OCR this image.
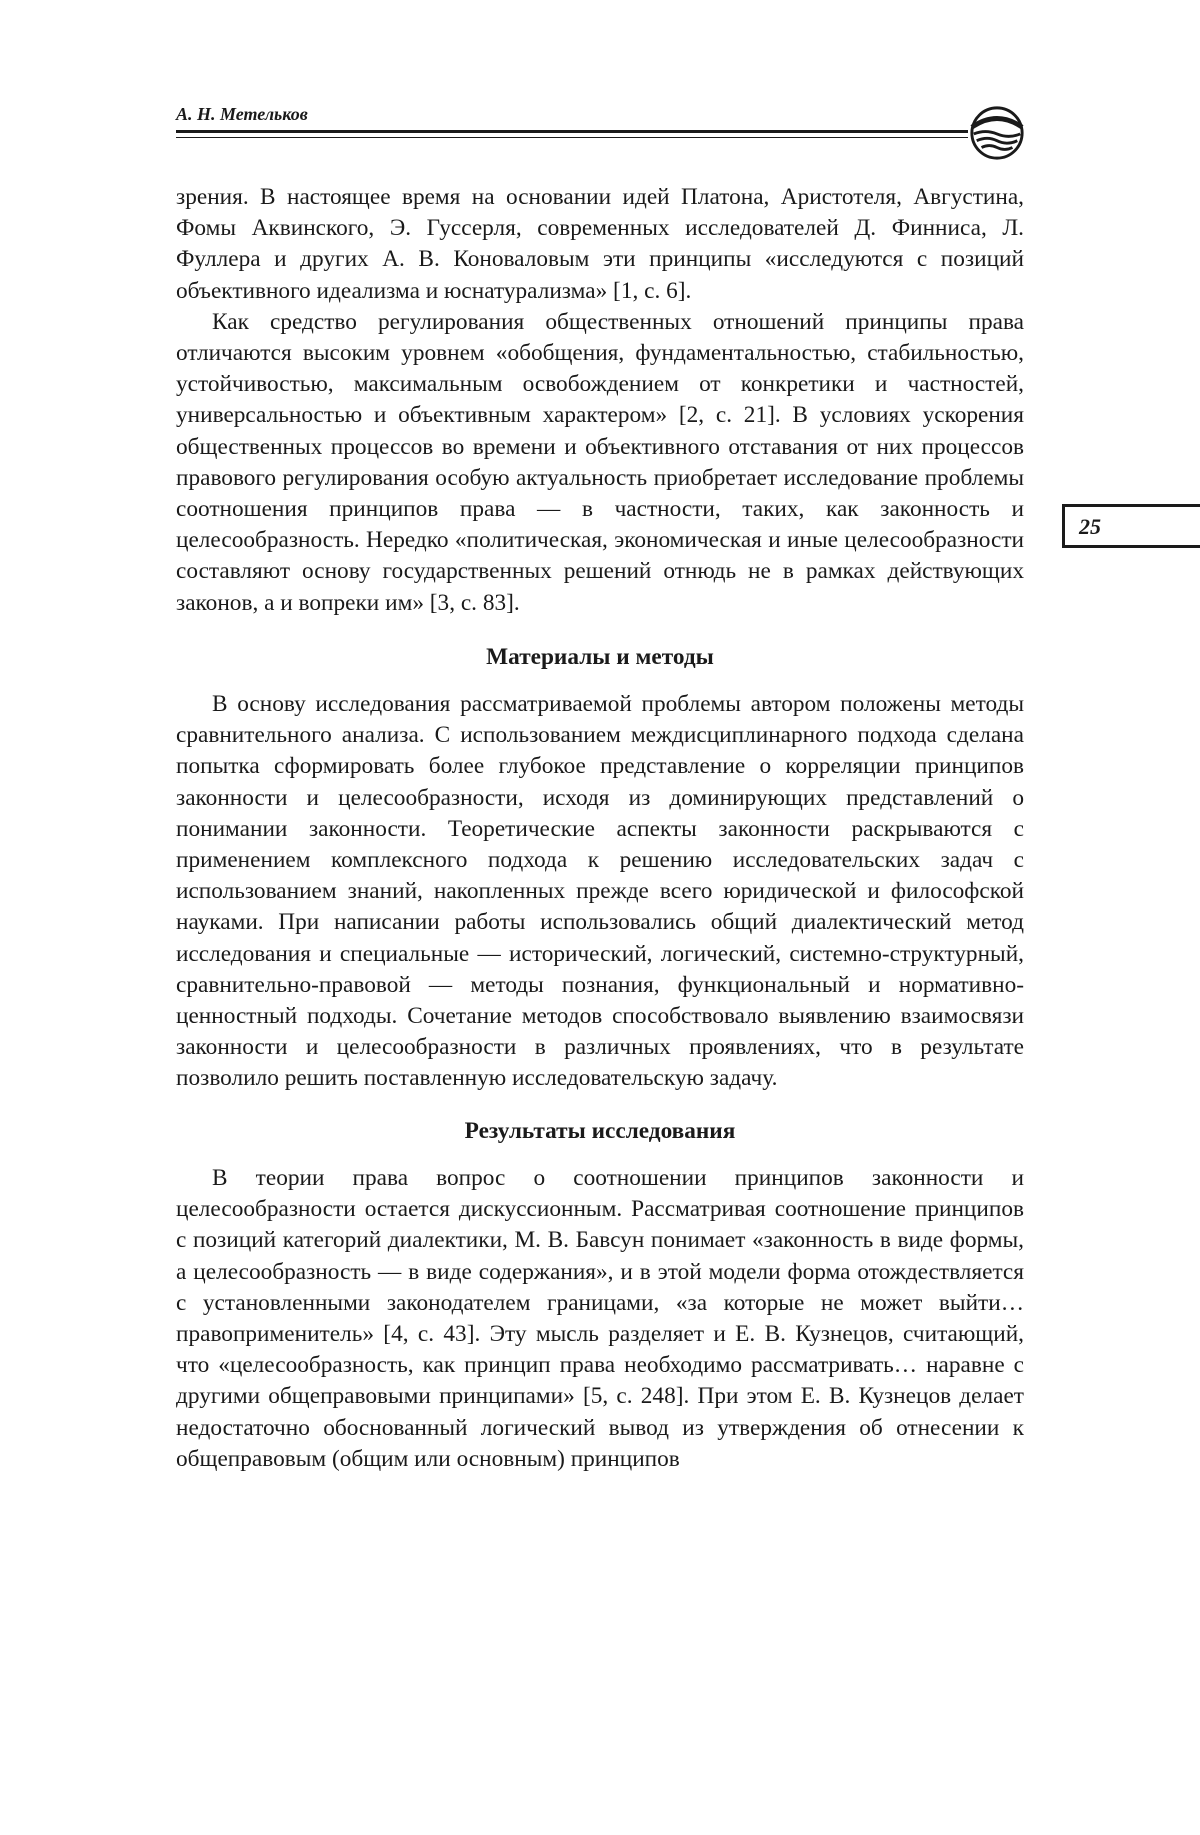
А. Н. Метельков
25

зрения. В настоящее время на основании идей Платона, Аристотеля, Августина, Фомы Аквинского, Э. Гуссерля, современных исследователей Д. Финниса, Л. Фуллера и других А. В. Коноваловым эти принципы «исследуются с позиций объективного идеализма и юснатурализма» [1, с. 6].

Как средство регулирования общественных отношений принципы права отличаются высоким уровнем «обобщения, фундаментальностью, стабильностью, устойчивостью, максимальным освобождением от конкретики и частностей, универсальностью и объективным характером» [2, с. 21]. В условиях ускорения общественных процессов во времени и объективного отставания от них процессов правового регулирования особую актуальность приобретает исследование проблемы соотношения принципов права — в частности, таких, как законность и целесообразность. Нередко «политическая, экономическая и иные целесообразности составляют основу государственных решений отнюдь не в рамках действующих законов, а и вопреки им» [3, с. 83].

Материалы и методы

В основу исследования рассматриваемой проблемы автором положены методы сравнительного анализа. С использованием междисциплинарного подхода сделана попытка сформировать более глубокое представление о корреляции принципов законности и целесообразности, исходя из доминирующих представлений о понимании законности. Теоретические аспекты законности раскрываются с применением комплексного подхода к решению исследовательских задач с использованием знаний, накопленных прежде всего юридической и философской науками. При написании работы использовались общий диалектический метод исследования и специальные — исторический, логический, системно-структурный, сравнительно-правовой — методы познания, функциональный и нормативно-ценностный подходы. Сочетание методов способствовало выявлению взаимосвязи законности и целесообразности в различных проявлениях, что в результате позволило решить поставленную исследовательскую задачу.

Результаты исследования

В теории права вопрос о соотношении принципов законности и целесообразности остается дискуссионным. Рассматривая соотношение принципов с позиций категорий диалектики, М. В. Бавсун понимает «законность в виде формы, а целесообразность — в виде содержания», и в этой модели форма отождествляется с установленными законодателем границами, «за которые не может выйти… правоприменитель» [4, с. 43]. Эту мысль разделяет и Е. В. Кузнецов, считающий, что «целесообразность, как принцип права необходимо рассматривать… наравне с другими общеправовыми принципами» [5, с. 248]. При этом Е. В. Кузнецов делает недостаточно обоснованный логический вывод из утверждения об отнесении к общеправовым (общим или основным) принципов
